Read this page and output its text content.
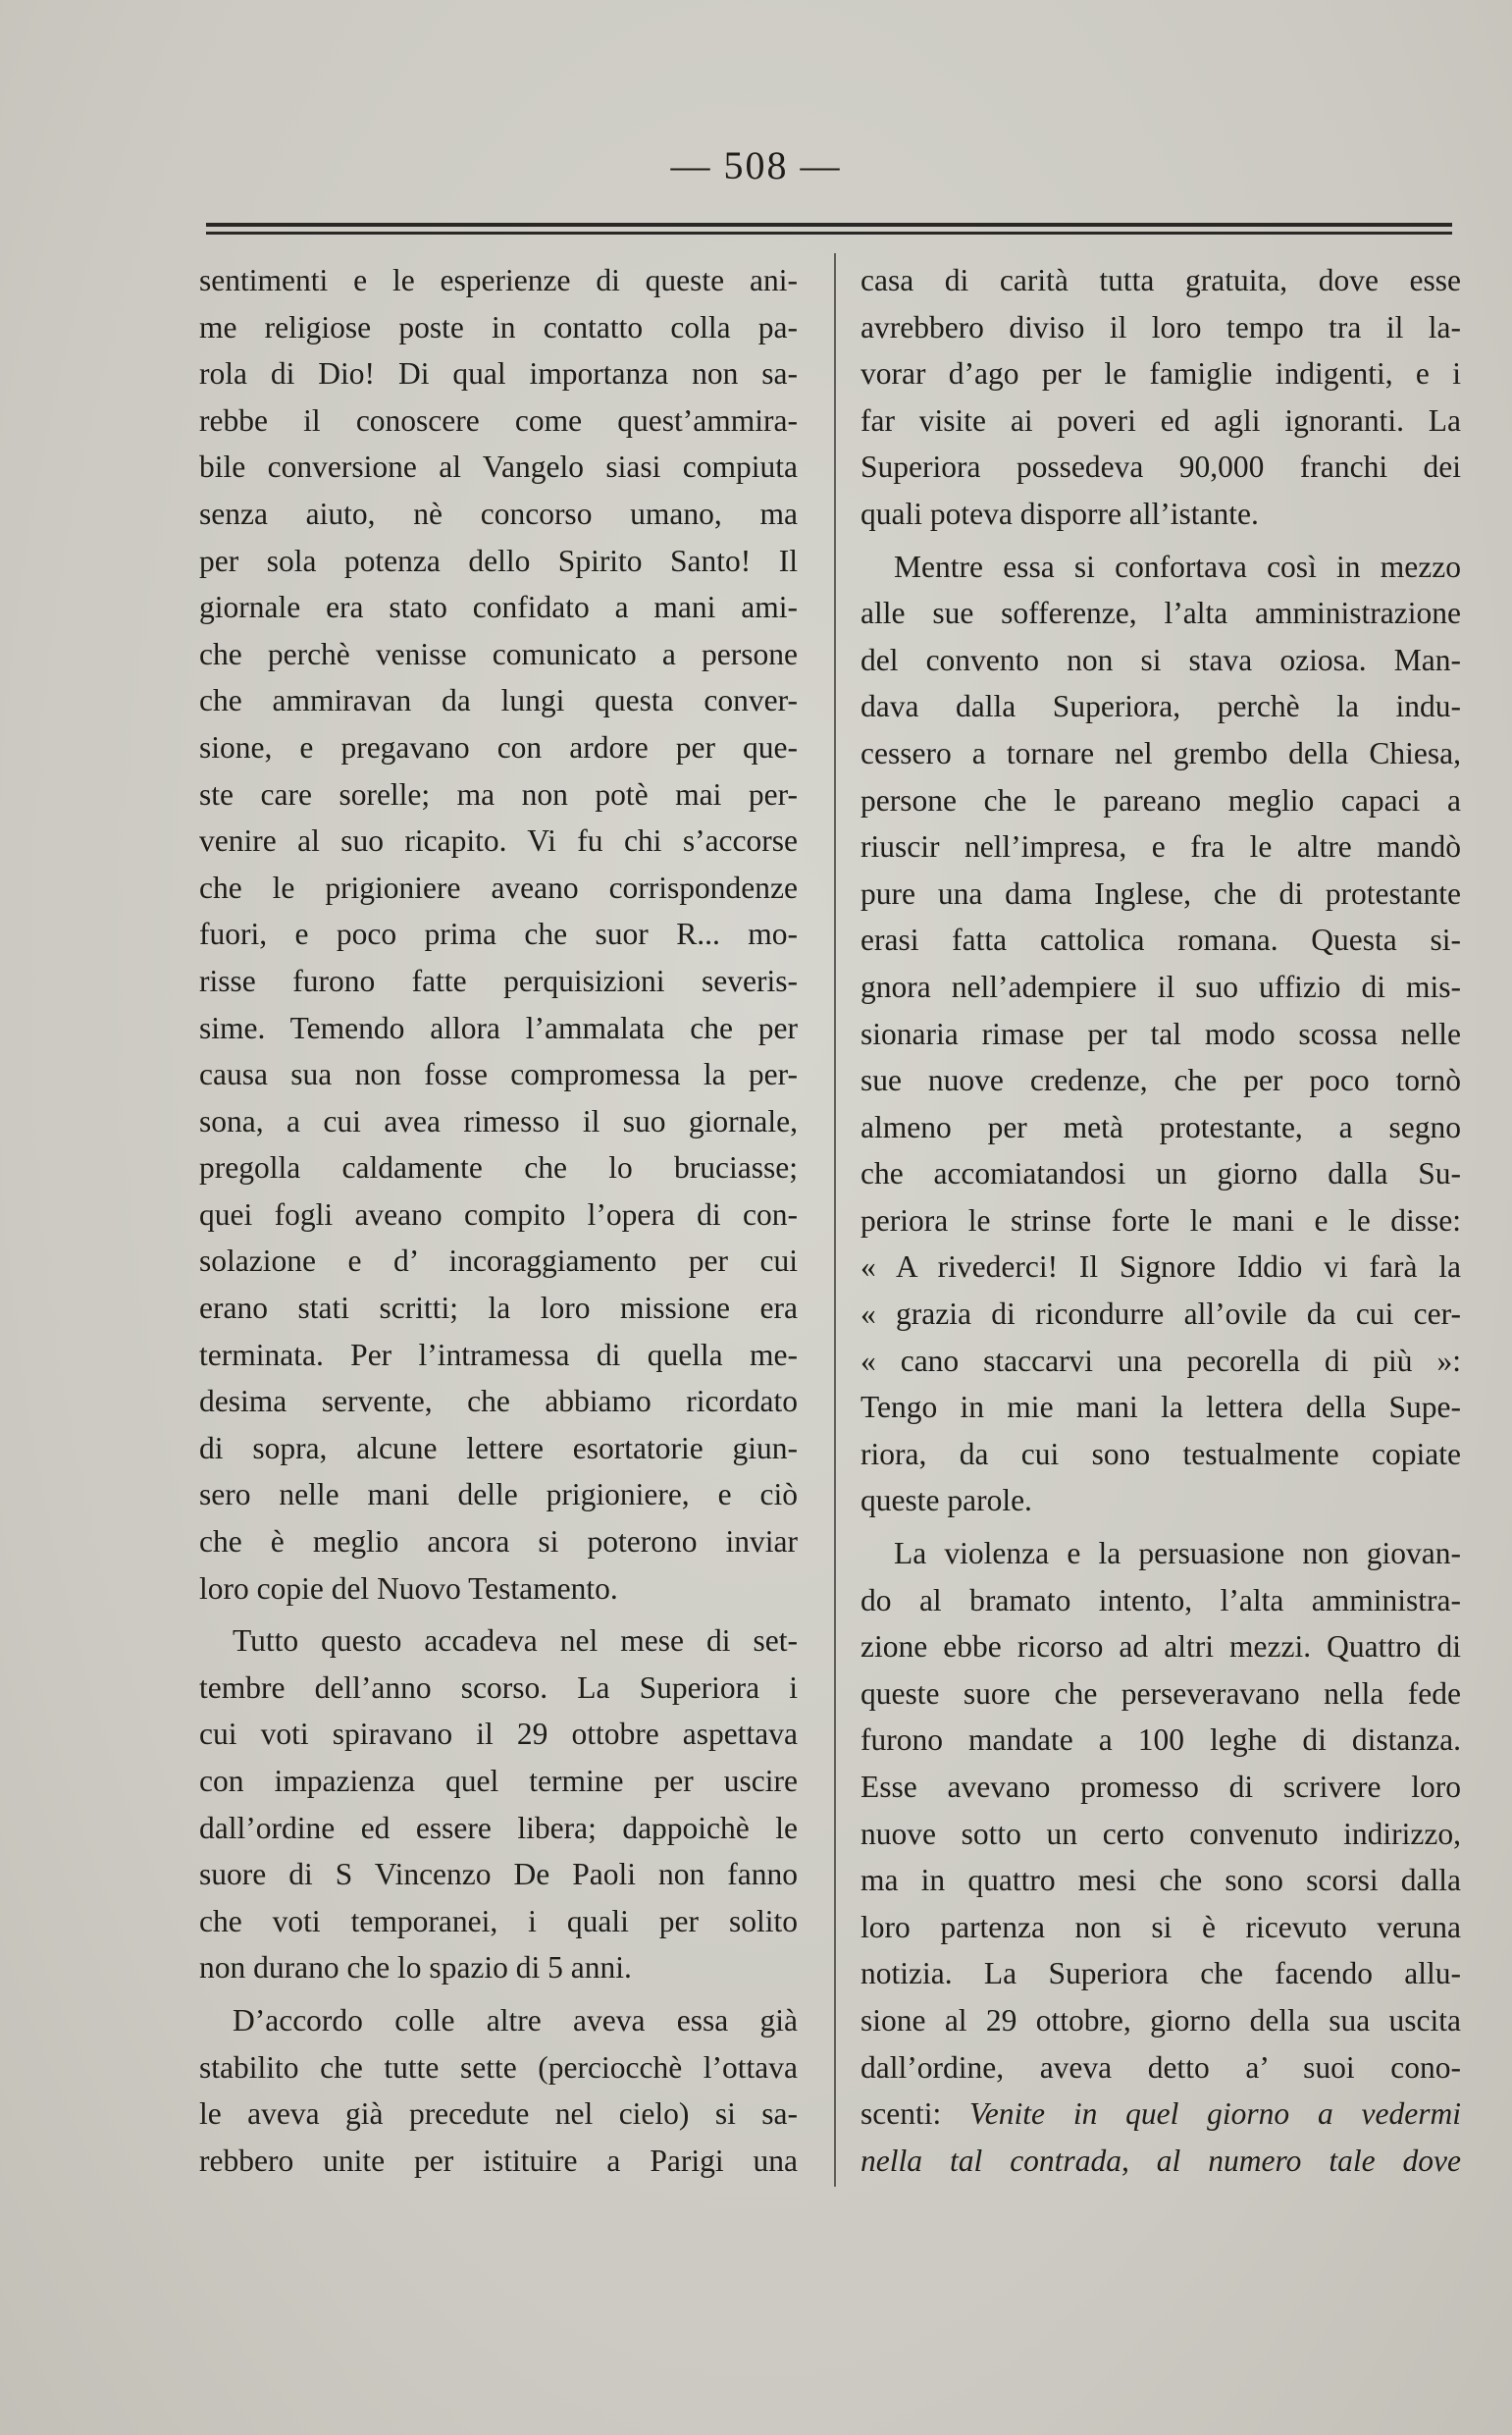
— 508 —
sentimenti e le esperienze di queste ani-
me religiose poste in contatto colla pa-
rola di Dio! Di qual importanza non sa-
rebbe il conoscere come quest’ammira-
bile conversione al Vangelo siasi compiuta
senza aiuto, nè concorso umano, ma
per sola potenza dello Spirito Santo! Il
giornale era stato confidato a mani ami-
che perchè venisse comunicato a persone
che ammiravan da lungi questa conver-
sione, e pregavano con ardore per que-
ste care sorelle; ma non potè mai per-
venire al suo ricapito. Vi fu chi s’accorse
che le prigioniere aveano corrispondenze
fuori, e poco prima che suor R... mo-
risse furono fatte perquisizioni severis-
sime. Temendo allora l’ammalata che per
causa sua non fosse compromessa la per-
sona, a cui avea rimesso il suo giornale,
pregolla caldamente che lo bruciasse;
quei fogli aveano compito l’opera di con-
solazione e d’ incoraggiamento per cui
erano stati scritti; la loro missione era
terminata. Per l’intramessa di quella me-
desima servente, che abbiamo ricordato
di sopra, alcune lettere esortatorie giun-
sero nelle mani delle prigioniere, e ciò
che è meglio ancora si poterono inviar
loro copie del Nuovo Testamento.
Tutto questo accadeva nel mese di set-
tembre dell’anno scorso. La Superiora i
cui voti spiravano il 29 ottobre aspettava
con impazienza quel termine per uscire
dall’ordine ed essere libera; dappoichè le
suore di S Vincenzo De Paoli non fanno
che voti temporanei, i quali per solito
non durano che lo spazio di 5 anni.
D’accordo colle altre aveva essa già
stabilito che tutte sette (perciocchè l’ottava
le aveva già precedute nel cielo) si sa-
rebbero unite per istituire a Parigi una
casa di carità tutta gratuita, dove esse
avrebbero diviso il loro tempo tra il la-
vorar d’ago per le famiglie indigenti, e i
far visite ai poveri ed agli ignoranti. La
Superiora possedeva 90,000 franchi dei
quali poteva disporre all’istante.
Mentre essa si confortava così in mezzo
alle sue sofferenze, l’alta amministrazione
del convento non si stava oziosa. Man-
dava dalla Superiora, perchè la indu-
cessero a tornare nel grembo della Chiesa,
persone che le pareano meglio capaci a
riuscir nell’impresa, e fra le altre mandò
pure una dama Inglese, che di protestante
erasi fatta cattolica romana. Questa si-
gnora nell’adempiere il suo uffizio di mis-
sionaria rimase per tal modo scossa nelle
sue nuove credenze, che per poco tornò
almeno per metà protestante, a segno
che accomiatandosi un giorno dalla Su-
periora le strinse forte le mani e le disse:
« A rivederci! Il Signore Iddio vi farà la
« grazia di ricondurre all’ovile da cui cer-
« cano staccarvi una pecorella di più »:
Tengo in mie mani la lettera della Supe-
riora, da cui sono testualmente copiate
queste parole.
La violenza e la persuasione non giovan-
do al bramato intento, l’alta amministra-
zione ebbe ricorso ad altri mezzi. Quattro di
queste suore che perseveravano nella fede
furono mandate a 100 leghe di distanza.
Esse avevano promesso di scrivere loro
nuove sotto un certo convenuto indirizzo,
ma in quattro mesi che sono scorsi dalla
loro partenza non si è ricevuto veruna
notizia. La Superiora che facendo allu-
sione al 29 ottobre, giorno della sua uscita
dall’ordine, aveva detto a’ suoi cono-
scenti: Venite in quel giorno a vedermi
nella tal contrada, al numero tale dove
